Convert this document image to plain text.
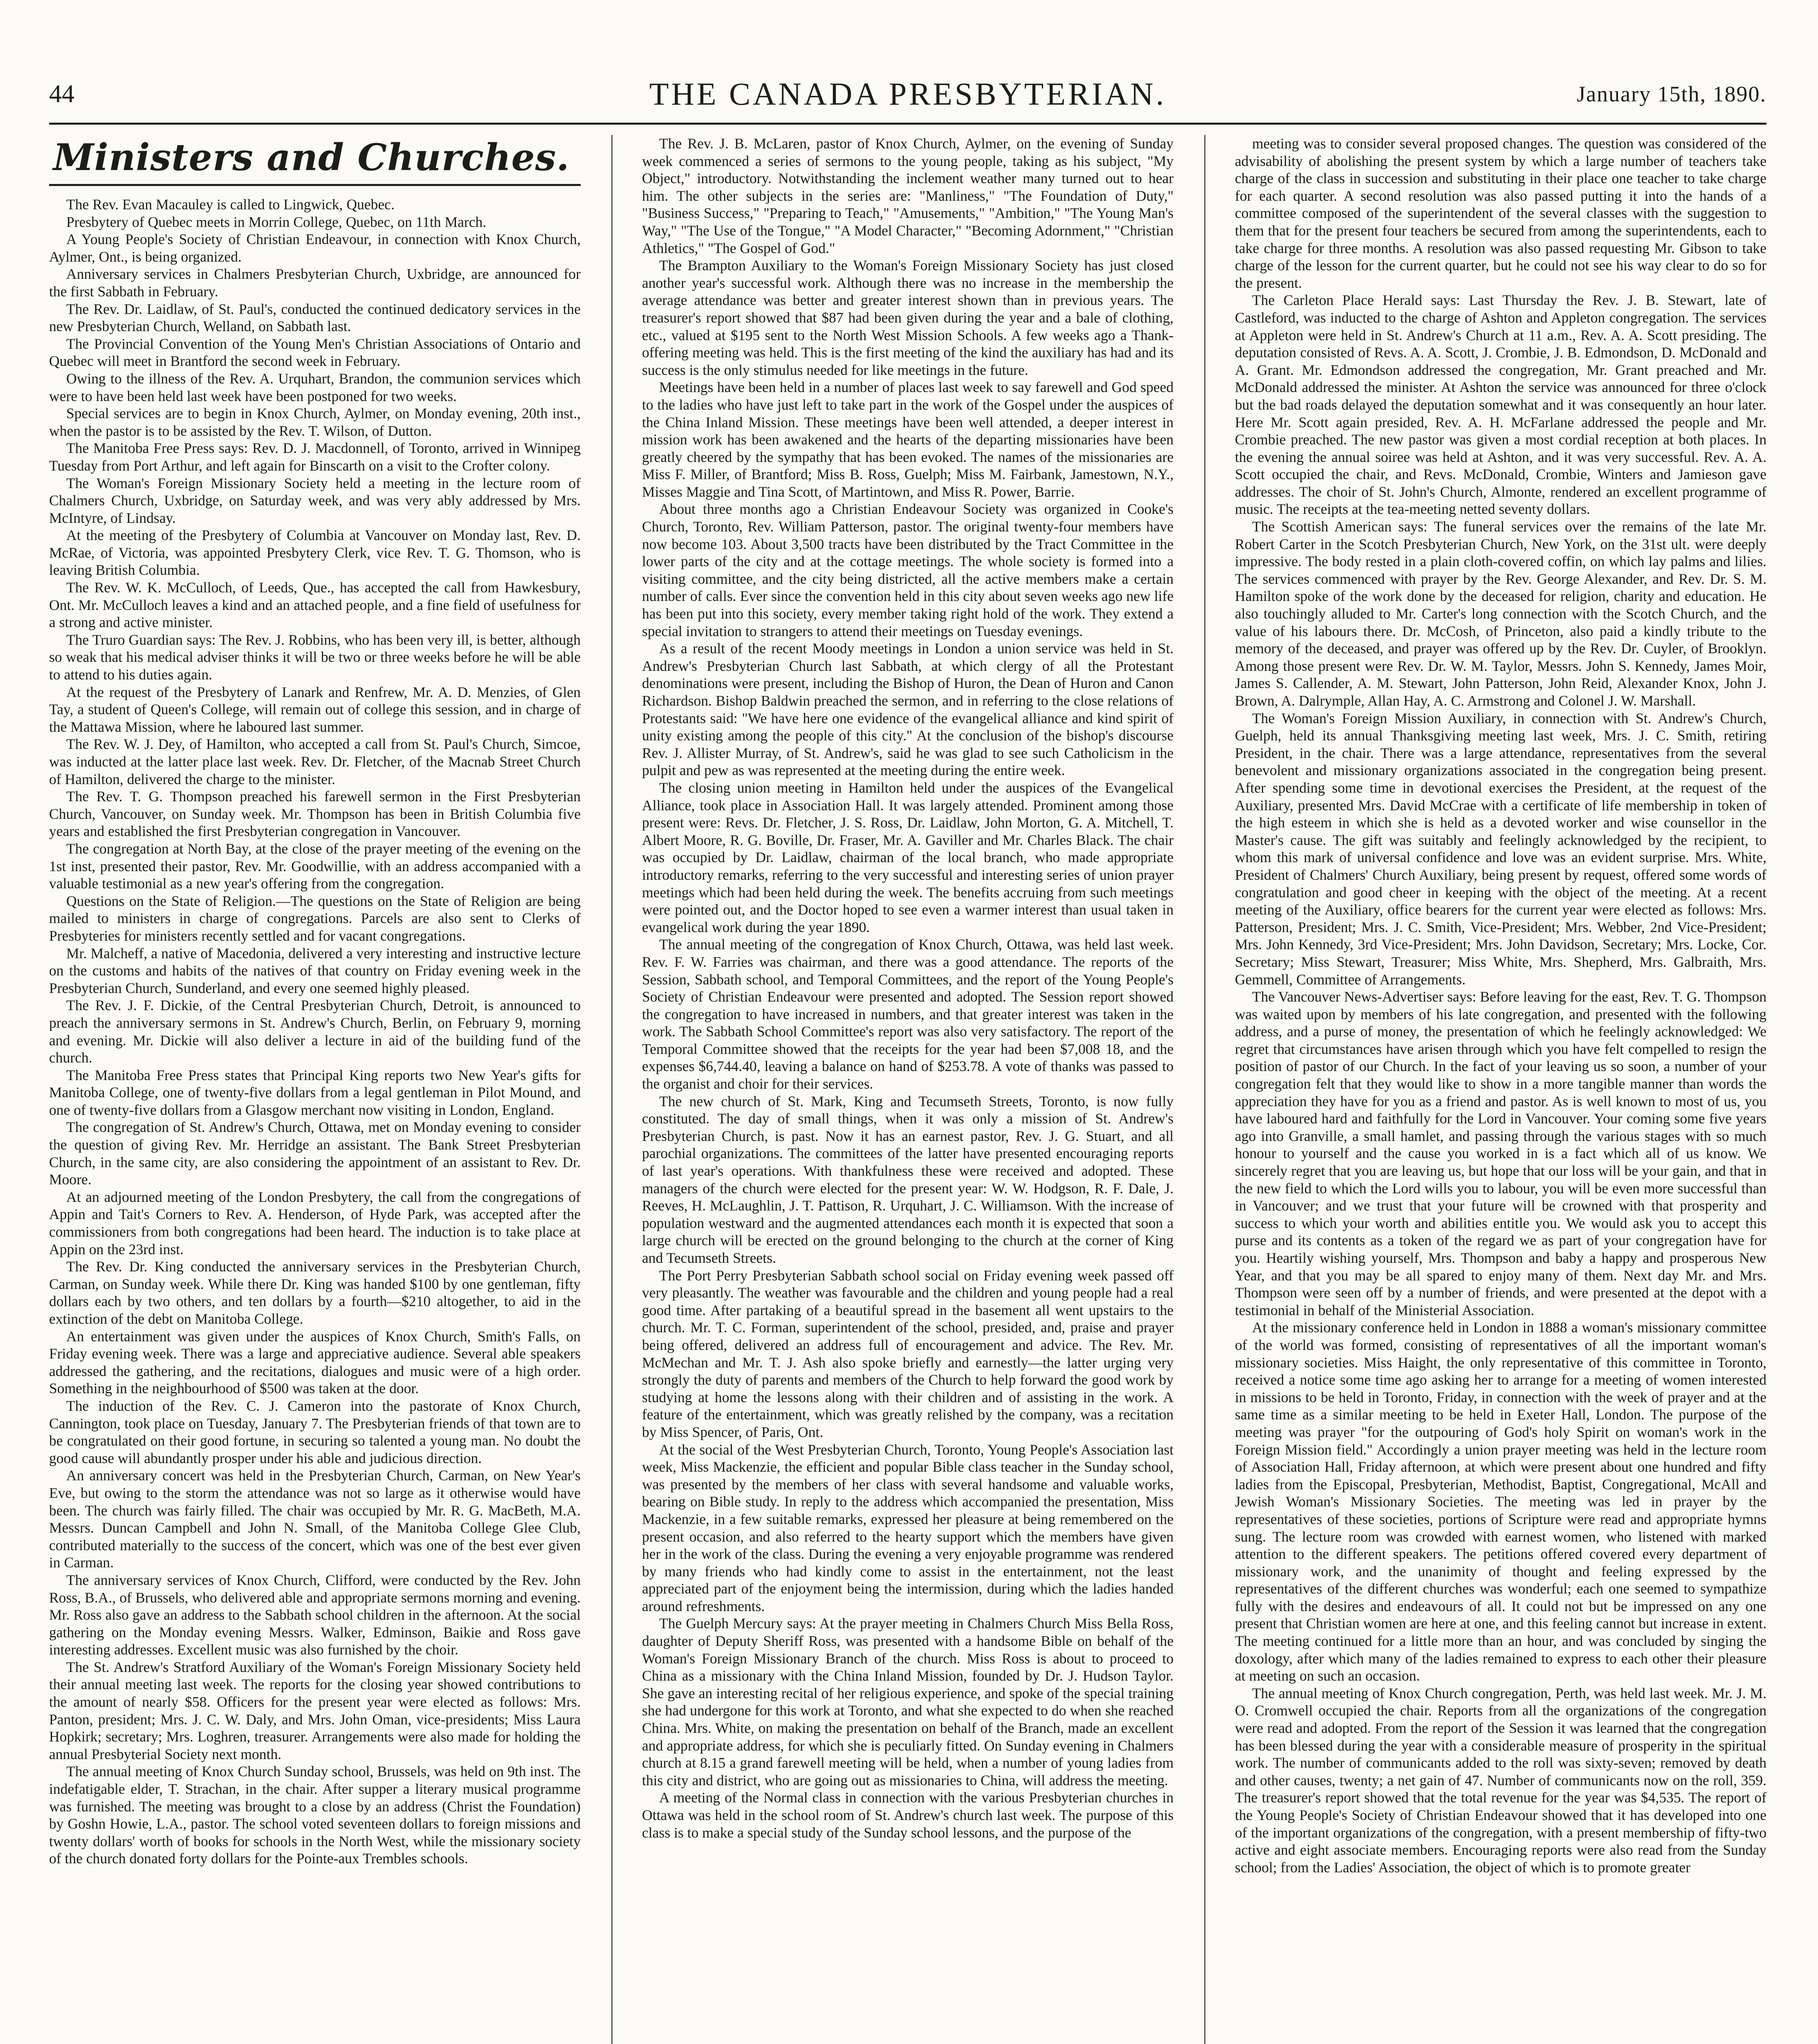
44	THE CANADA PRESBYTERIAN.	January 15th, 1890.
Ministers and Churches.

The Rev. Evan Macauley is called to Lingwick, Quebec.

Presbytery of Quebec meets in Morrin College, Quebec, on 11th March.

A Young People's Society of Christian Endeavour, in connection with Knox Church, Aylmer, Ont., is being organized.

Anniversary services in Chalmers Presbyterian Church, Uxbridge, are announced for the first Sabbath in February.

The Rev. Dr. Laidlaw, of St. Paul's, conducted the continued dedicatory services in the new Presbyterian Church, Welland, on Sabbath last.

The Provincial Convention of the Young Men's Christian Associations of Ontario and Quebec will meet in Brantford the second week in February.

Owing to the illness of the Rev. A. Urquhart, Brandon, the communion services which were to have been held last week have been postponed for two weeks.

Special services are to begin in Knox Church, Aylmer, on Monday evening, 20th inst., when the pastor is to be assisted by the Rev. T. Wilson, of Dutton.

The Manitoba Free Press says: Rev. D. J. Macdonnell, of Toronto, arrived in Winnipeg Tuesday from Port Arthur, and left again for Binscarth on a visit to the Crofter colony.

The Woman's Foreign Missionary Society held a meeting in the lecture room of Chalmers Church, Uxbridge, on Saturday week, and was very ably addressed by Mrs. McIntyre, of Lindsay.

At the meeting of the Presbytery of Columbia at Vancouver on Monday last, Rev. D. McRae, of Victoria, was appointed Presbytery Clerk, vice Rev. T. G. Thomson, who is leaving British Columbia.

The Rev. W. K. McCulloch, of Leeds, Que., has accepted the call from Hawkesbury, Ont. Mr. McCulloch leaves a kind and an attached people, and a fine field of usefulness for a strong and active minister.

The Truro Guardian says: The Rev. J. Robbins, who has been very ill, is better, although so weak that his medical adviser thinks it will be two or three weeks before he will be able to attend to his duties again.

At the request of the Presbytery of Lanark and Renfrew, Mr. A. D. Menzies, of Glen Tay, a student of Queen's College, will remain out of college this session, and in charge of the Mattawa Mission, where he laboured last summer.

The Rev. W. J. Dey, of Hamilton, who accepted a call from St. Paul's Church, Simcoe, was inducted at the latter place last week. Rev. Dr. Fletcher, of the Macnab Street Church of Hamilton, delivered the charge to the minister.

The Rev. T. G. Thompson preached his farewell sermon in the First Presbyterian Church, Vancouver, on Sunday week. Mr. Thompson has been in British Columbia five years and established the first Presbyterian congregation in Vancouver.

The congregation at North Bay, at the close of the prayer meeting of the evening on the 1st inst, presented their pastor, Rev. Mr. Goodwillie, with an address accompanied with a valuable testimonial as a new year's offering from the congregation.

Questions on the State of Religion.—The questions on the State of Religion are being mailed to ministers in charge of congregations. Parcels are also sent to Clerks of Presbyteries for ministers recently settled and for vacant congregations.

Mr. Malcheff, a native of Macedonia, delivered a very interesting and instructive lecture on the customs and habits of the natives of that country on Friday evening week in the Presbyterian Church, Sunderland, and every one seemed highly pleased.

The Rev. J. F. Dickie, of the Central Presbyterian Church, Detroit, is announced to preach the anniversary sermons in St. Andrew's Church, Berlin, on February 9, morning and evening. Mr. Dickie will also deliver a lecture in aid of the building fund of the church.

The Manitoba Free Press states that Principal King reports two New Year's gifts for Manitoba College, one of twenty-five dollars from a legal gentleman in Pilot Mound, and one of twenty-five dollars from a Glasgow merchant now visiting in London, England.

The congregation of St. Andrew's Church, Ottawa, met on Monday evening to consider the question of giving Rev. Mr. Herridge an assistant. The Bank Street Presbyterian Church, in the same city, are also considering the appointment of an assistant to Rev. Dr. Moore.

At an adjourned meeting of the London Presbytery, the call from the congregations of Appin and Tait's Corners to Rev. A. Henderson, of Hyde Park, was accepted after the commissioners from both congregations had been heard. The induction is to take place at Appin on the 23rd inst.

The Rev. Dr. King conducted the anniversary services in the Presbyterian Church, Carman, on Sunday week. While there Dr. King was handed $100 by one gentleman, fifty dollars each by two others, and ten dollars by a fourth—$210 altogether, to aid in the extinction of the debt on Manitoba College.

An entertainment was given under the auspices of Knox Church, Smith's Falls, on Friday evening week. There was a large and appreciative audience. Several able speakers addressed the gathering, and the recitations, dialogues and music were of a high order. Something in the neighbourhood of $500 was taken at the door.

The induction of the Rev. C. J. Cameron into the pastorate of Knox Church, Cannington, took place on Tuesday, January 7. The Presbyterian friends of that town are to be congratulated on their good fortune, in securing so talented a young man. No doubt the good cause will abundantly prosper under his able and judicious direction.

An anniversary concert was held in the Presbyterian Church, Carman, on New Year's Eve, but owing to the storm the attendance was not so large as it otherwise would have been. The church was fairly filled. The chair was occupied by Mr. R. G. MacBeth, M.A. Messrs. Duncan Campbell and John N. Small, of the Manitoba College Glee Club, contributed materially to the success of the concert, which was one of the best ever given in Carman.

The anniversary services of Knox Church, Clifford, were conducted by the Rev. John Ross, B.A., of Brussels, who delivered able and appropriate sermons morning and evening. Mr. Ross also gave an address to the Sabbath school children in the afternoon. At the social gathering on the Monday evening Messrs. Walker, Edminson, Baikie and Ross gave interesting addresses. Excellent music was also furnished by the choir.

The St. Andrew's Stratford Auxiliary of the Woman's Foreign Missionary Society held their annual meeting last week. The reports for the closing year showed contributions to the amount of nearly $58. Officers for the present year were elected as follows: Mrs. Panton, president; Mrs. J. C. W. Daly, and Mrs. John Oman, vice-presidents; Miss Laura Hopkirk; secretary; Mrs. Loghren, treasurer. Arrangements were also made for holding the annual Presbyterial Society next month.

The annual meeting of Knox Church Sunday school, Brussels, was held on 9th inst. The indefatigable elder, T. Strachan, in the chair. After supper a literary musical programme was furnished. The meeting was brought to a close by an address (Christ the Foundation) by Goshn Howie, L.A., pastor. The school voted seventeen dollars to foreign missions and twenty dollars' worth of books for schools in the North West, while the missionary society of the church donated forty dollars for the Pointe-aux Trembles schools.

The Rev. J. B. McLaren, pastor of Knox Church, Aylmer, on the evening of Sunday week commenced a series of sermons to the young people, taking as his subject, "My Object," introductory. Notwithstanding the inclement weather many turned out to hear him. The other subjects in the series are: "Manliness," "The Foundation of Duty," "Business Success," "Preparing to Teach," "Amusements," "Ambition," "The Young Man's Way," "The Use of the Tongue," "A Model Character," "Becoming Adornment," "Christian Athletics," "The Gospel of God."

The Brampton Auxiliary to the Woman's Foreign Missionary Society has just closed another year's successful work. Although there was no increase in the membership the average attendance was better and greater interest shown than in previous years. The treasurer's report showed that $87 had been given during the year and a bale of clothing, etc., valued at $195 sent to the North West Mission Schools. A few weeks ago a Thank-offering meeting was held. This is the first meeting of the kind the auxiliary has had and its success is the only stimulus needed for like meetings in the future.

Meetings have been held in a number of places last week to say farewell and God speed to the ladies who have just left to take part in the work of the Gospel under the auspices of the China Inland Mission. These meetings have been well attended, a deeper interest in mission work has been awakened and the hearts of the departing missionaries have been greatly cheered by the sympathy that has been evoked. The names of the missionaries are Miss F. Miller, of Brantford; Miss B. Ross, Guelph; Miss M. Fairbank, Jamestown, N.Y., Misses Maggie and Tina Scott, of Martintown, and Miss R. Power, Barrie.

About three months ago a Christian Endeavour Society was organized in Cooke's Church, Toronto, Rev. William Patterson, pastor. The original twenty-four members have now become 103. About 3,500 tracts have been distributed by the Tract Committee in the lower parts of the city and at the cottage meetings. The whole society is formed into a visiting committee, and the city being districted, all the active members make a certain number of calls. Ever since the convention held in this city about seven weeks ago new life has been put into this society, every member taking right hold of the work. They extend a special invitation to strangers to attend their meetings on Tuesday evenings.

As a result of the recent Moody meetings in London a union service was held in St. Andrew's Presbyterian Church last Sabbath, at which clergy of all the Protestant denominations were present, including the Bishop of Huron, the Dean of Huron and Canon Richardson. Bishop Baldwin preached the sermon, and in referring to the close relations of Protestants said: "We have here one evidence of the evangelical alliance and kind spirit of unity existing among the people of this city." At the conclusion of the bishop's discourse Rev. J. Allister Murray, of St. Andrew's, said he was glad to see such Catholicism in the pulpit and pew as was represented at the meeting during the entire week.

The closing union meeting in Hamilton held under the auspices of the Evangelical Alliance, took place in Association Hall. It was largely attended. Prominent among those present were: Revs. Dr. Fletcher, J. S. Ross, Dr. Laidlaw, John Morton, G. A. Mitchell, T. Albert Moore, R. G. Boville, Dr. Fraser, Mr. A. Gaviller and Mr. Charles Black. The chair was occupied by Dr. Laidlaw, chairman of the local branch, who made appropriate introductory remarks, referring to the very successful and interesting series of union prayer meetings which had been held during the week. The benefits accruing from such meetings were pointed out, and the Doctor hoped to see even a warmer interest than usual taken in evangelical work during the year 1890.

The annual meeting of the congregation of Knox Church, Ottawa, was held last week. Rev. F. W. Farries was chairman, and there was a good attendance. The reports of the Session, Sabbath school, and Temporal Committees, and the report of the Young People's Society of Christian Endeavour were presented and adopted. The Session report showed the congregation to have increased in numbers, and that greater interest was taken in the work. The Sabbath School Committee's report was also very satisfactory. The report of the Temporal Committee showed that the receipts for the year had been $7,008 18, and the expenses $6,744.40, leaving a balance on hand of $253.78. A vote of thanks was passed to the organist and choir for their services.

The new church of St. Mark, King and Tecumseth Streets, Toronto, is now fully constituted. The day of small things, when it was only a mission of St. Andrew's Presbyterian Church, is past. Now it has an earnest pastor, Rev. J. G. Stuart, and all parochial organizations. The committees of the latter have presented encouraging reports of last year's operations. With thankfulness these were received and adopted. These managers of the church were elected for the present year: W. W. Hodgson, R. F. Dale, J. Reeves, H. McLaughlin, J. T. Pattison, R. Urquhart, J. C. Williamson. With the increase of population westward and the augmented attendances each month it is expected that soon a large church will be erected on the ground belonging to the church at the corner of King and Tecumseth Streets.

The Port Perry Presbyterian Sabbath school social on Friday evening week passed off very pleasantly. The weather was favourable and the children and young people had a real good time. After partaking of a beautiful spread in the basement all went upstairs to the church. Mr. T. C. Forman, superintendent of the school, presided, and, praise and prayer being offered, delivered an address full of encouragement and advice. The Rev. Mr. McMechan and Mr. T. J. Ash also spoke briefly and earnestly—the latter urging very strongly the duty of parents and members of the Church to help forward the good work by studying at home the lessons along with their children and of assisting in the work. A feature of the entertainment, which was greatly relished by the company, was a recitation by Miss Spencer, of Paris, Ont.

At the social of the West Presbyterian Church, Toronto, Young People's Association last week, Miss Mackenzie, the efficient and popular Bible class teacher in the Sunday school, was presented by the members of her class with several handsome and valuable works, bearing on Bible study. In reply to the address which accompanied the presentation, Miss Mackenzie, in a few suitable remarks, expressed her pleasure at being remembered on the present occasion, and also referred to the hearty support which the members have given her in the work of the class. During the evening a very enjoyable programme was rendered by many friends who had kindly come to assist in the entertainment, not the least appreciated part of the enjoyment being the intermission, during which the ladies handed around refreshments.

The Guelph Mercury says: At the prayer meeting in Chalmers Church Miss Bella Ross, daughter of Deputy Sheriff Ross, was presented with a handsome Bible on behalf of the Woman's Foreign Missionary Branch of the church. Miss Ross is about to proceed to China as a missionary with the China Inland Mission, founded by Dr. J. Hudson Taylor. She gave an interesting recital of her religious experience, and spoke of the special training she had undergone for this work at Toronto, and what she expected to do when she reached China. Mrs. White, on making the presentation on behalf of the Branch, made an excellent and appropriate address, for which she is peculiarly fitted. On Sunday evening in Chalmers church at 8.15 a grand farewell meeting will be held, when a number of young ladies from this city and district, who are going out as missionaries to China, will address the meeting.

A meeting of the Normal class in connection with the various Presbyterian churches in Ottawa was held in the school room of St. Andrew's church last week. The purpose of this class is to make a special study of the Sunday school lessons, and the purpose of the

meeting was to consider several proposed changes. The question was considered of the advisability of abolishing the present system by which a large number of teachers take charge of the class in succession and substituting in their place one teacher to take charge for each quarter. A second resolution was also passed putting it into the hands of a committee composed of the superintendent of the several classes with the suggestion to them that for the present four teachers be secured from among the superintendents, each to take charge for three months. A resolution was also passed requesting Mr. Gibson to take charge of the lesson for the current quarter, but he could not see his way clear to do so for the present.

The Carleton Place Herald says: Last Thursday the Rev. J. B. Stewart, late of Castleford, was inducted to the charge of Ashton and Appleton congregation. The services at Appleton were held in St. Andrew's Church at 11 a.m., Rev. A. A. Scott presiding. The deputation consisted of Revs. A. A. Scott, J. Crombie, J. B. Edmondson, D. McDonald and A. Grant. Mr. Edmondson addressed the congregation, Mr. Grant preached and Mr. McDonald addressed the minister. At Ashton the service was announced for three o'clock but the bad roads delayed the deputation somewhat and it was consequently an hour later. Here Mr. Scott again presided, Rev. A. H. McFarlane addressed the people and Mr. Crombie preached. The new pastor was given a most cordial reception at both places. In the evening the annual soiree was held at Ashton, and it was very successful. Rev. A. A. Scott occupied the chair, and Revs. McDonald, Crombie, Winters and Jamieson gave addresses. The choir of St. John's Church, Almonte, rendered an excellent programme of music. The receipts at the tea-meeting netted seventy dollars.

The Scottish American says: The funeral services over the remains of the late Mr. Robert Carter in the Scotch Presbyterian Church, New York, on the 31st ult. were deeply impressive. The body rested in a plain cloth-covered coffin, on which lay palms and lilies. The services commenced with prayer by the Rev. George Alexander, and Rev. Dr. S. M. Hamilton spoke of the work done by the deceased for religion, charity and education. He also touchingly alluded to Mr. Carter's long connection with the Scotch Church, and the value of his labours there. Dr. McCosh, of Princeton, also paid a kindly tribute to the memory of the deceased, and prayer was offered up by the Rev. Dr. Cuyler, of Brooklyn. Among those present were Rev. Dr. W. M. Taylor, Messrs. John S. Kennedy, James Moir, James S. Callender, A. M. Stewart, John Patterson, John Reid, Alexander Knox, John J. Brown, A. Dalrymple, Allan Hay, A. C. Armstrong and Colonel J. W. Marshall.

The Woman's Foreign Mission Auxiliary, in connection with St. Andrew's Church, Guelph, held its annual Thanksgiving meeting last week, Mrs. J. C. Smith, retiring President, in the chair. There was a large attendance, representatives from the several benevolent and missionary organizations associated in the congregation being present. After spending some time in devotional exercises the President, at the request of the Auxiliary, presented Mrs. David McCrae with a certificate of life membership in token of the high esteem in which she is held as a devoted worker and wise counsellor in the Master's cause. The gift was suitably and feelingly acknowledged by the recipient, to whom this mark of universal confidence and love was an evident surprise. Mrs. White, President of Chalmers' Church Auxiliary, being present by request, offered some words of congratulation and good cheer in keeping with the object of the meeting. At a recent meeting of the Auxiliary, office bearers for the current year were elected as follows: Mrs. Patterson, President; Mrs. J. C. Smith, Vice-President; Mrs. Webber, 2nd Vice-President; Mrs. John Kennedy, 3rd Vice-President; Mrs. John Davidson, Secretary; Mrs. Locke, Cor. Secretary; Miss Stewart, Treasurer; Miss White, Mrs. Shepherd, Mrs. Galbraith, Mrs. Gemmell, Committee of Arrangements.

The Vancouver News-Advertiser says: Before leaving for the east, Rev. T. G. Thompson was waited upon by members of his late congregation, and presented with the following address, and a purse of money, the presentation of which he feelingly acknowledged: We regret that circumstances have arisen through which you have felt compelled to resign the position of pastor of our Church. In the fact of your leaving us so soon, a number of your congregation felt that they would like to show in a more tangible manner than words the appreciation they have for you as a friend and pastor. As is well known to most of us, you have laboured hard and faithfully for the Lord in Vancouver. Your coming some five years ago into Granville, a small hamlet, and passing through the various stages with so much honour to yourself and the cause you worked in is a fact which all of us know. We sincerely regret that you are leaving us, but hope that our loss will be your gain, and that in the new field to which the Lord wills you to labour, you will be even more successful than in Vancouver; and we trust that your future will be crowned with that prosperity and success to which your worth and abilities entitle you. We would ask you to accept this purse and its contents as a token of the regard we as part of your congregation have for you. Heartily wishing yourself, Mrs. Thompson and baby a happy and prosperous New Year, and that you may be all spared to enjoy many of them. Next day Mr. and Mrs. Thompson were seen off by a number of friends, and were presented at the depot with a testimonial in behalf of the Ministerial Association.

At the missionary conference held in London in 1888 a woman's missionary committee of the world was formed, consisting of representatives of all the important woman's missionary societies. Miss Haight, the only representative of this committee in Toronto, received a notice some time ago asking her to arrange for a meeting of women interested in missions to be held in Toronto, Friday, in connection with the week of prayer and at the same time as a similar meeting to be held in Exeter Hall, London. The purpose of the meeting was prayer "for the outpouring of God's holy Spirit on woman's work in the Foreign Mission field." Accordingly a union prayer meeting was held in the lecture room of Association Hall, Friday afternoon, at which were present about one hundred and fifty ladies from the Episcopal, Presbyterian, Methodist, Baptist, Congregational, McAll and Jewish Woman's Missionary Societies. The meeting was led in prayer by the representatives of these societies, portions of Scripture were read and appropriate hymns sung. The lecture room was crowded with earnest women, who listened with marked attention to the different speakers. The petitions offered covered every department of missionary work, and the unanimity of thought and feeling expressed by the representatives of the different churches was wonderful; each one seemed to sympathize fully with the desires and endeavours of all. It could not but be impressed on any one present that Christian women are here at one, and this feeling cannot but increase in extent. The meeting continued for a little more than an hour, and was concluded by singing the doxology, after which many of the ladies remained to express to each other their pleasure at meeting on such an occasion.

The annual meeting of Knox Church congregation, Perth, was held last week. Mr. J. M. O. Cromwell occupied the chair. Reports from all the organizations of the congregation were read and adopted. From the report of the Session it was learned that the congregation has been blessed during the year with a considerable measure of prosperity in the spiritual work. The number of communicants added to the roll was sixty-seven; removed by death and other causes, twenty; a net gain of 47. Number of communicants now on the roll, 359. The treasurer's report showed that the total revenue for the year was $4,535. The report of the Young People's Society of Christian Endeavour showed that it has developed into one of the important organizations of the congregation, with a present membership of fifty-two active and eight associate members. Encouraging reports were also read from the Sunday school; from the Ladies' Association, the object of which is to promote greater
